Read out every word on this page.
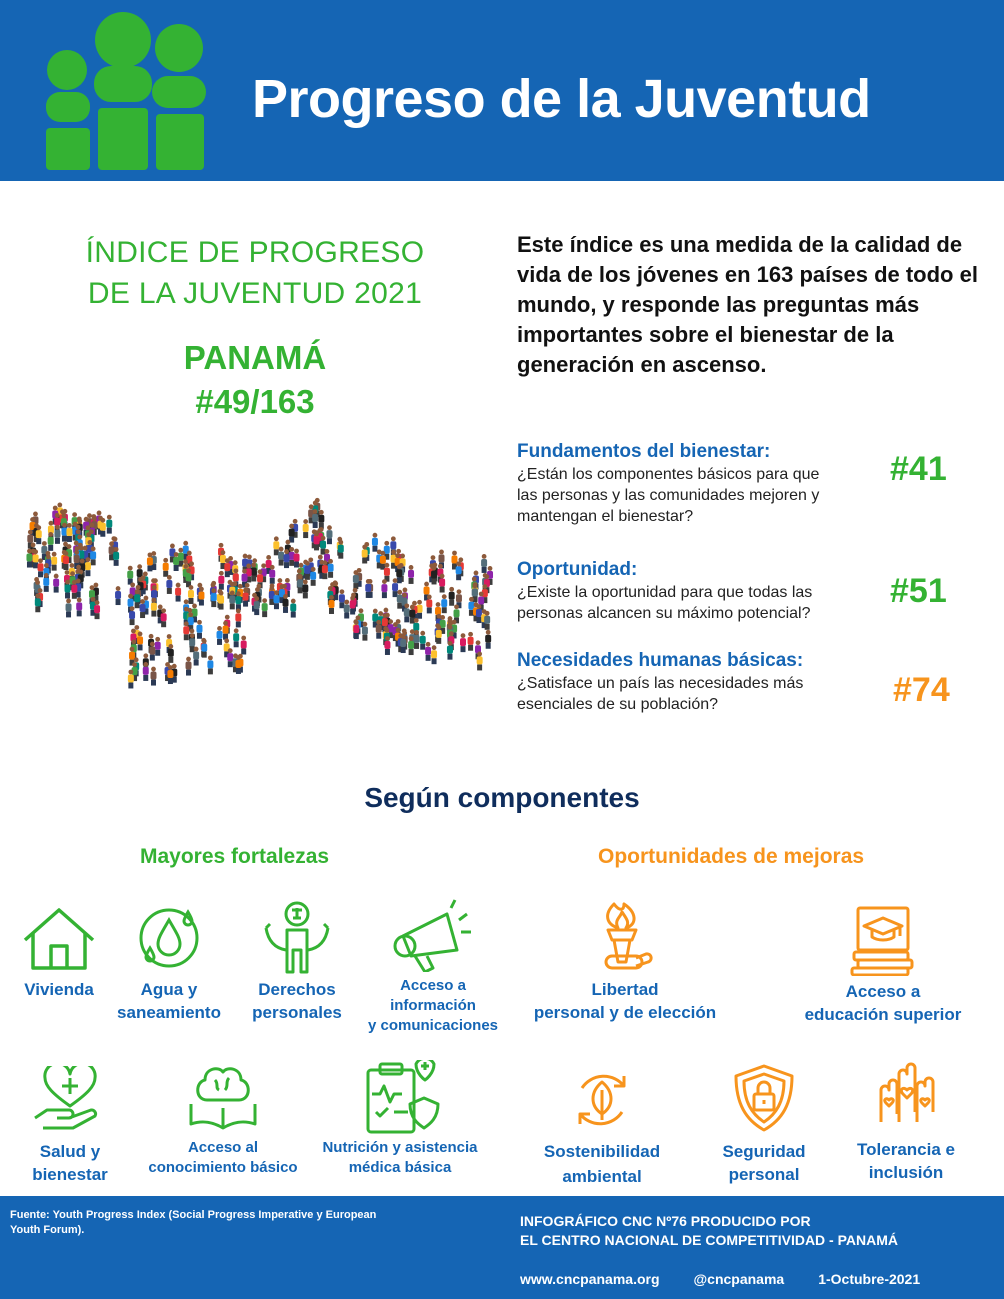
Progreso de la Juventud
ÍNDICE DE PROGRESO
DE LA JUVENTUD 2021
PANAMÁ
#49/163
Este índice es una medida de la calidad de vida de los jóvenes en 163 países de todo el mundo, y responde las preguntas más importantes sobre el bienestar de la generación en ascenso.
Fundamentos del bienestar:
¿Están los componentes básicos para que las personas y las comunidades mejoren y mantengan el bienestar?
#41
Oportunidad:
¿Existe la oportunidad para que todas las personas alcancen su máximo potencial?
#51
Necesidades humanas básicas:
¿Satisface un país las necesidades más esenciales de su población?	#74
Según componentes
Mayores fortalezas	Oportunidades de mejoras
Vivienda	Agua y
saneamiento
Derechos
personales
Acceso a
información
y comunicaciones
Salud y
bienestar
Acceso al
conocimiento básico
Nutrición y asistencia
médica básica
Libertad
personal y de elección
Acceso a
educación superior
Sostenibilidad
ambiental
Seguridad
personal
Tolerancia e
inclusión
Fuente: Youth Progress Index (Social Progress Imperative y European Youth Forum).
INFOGRÁFICO CNC Nº76 PRODUCIDO POR
EL CENTRO NACIONAL DE COMPETITIVIDAD - PANAMÁ
www.cncpanama.org @cncpanama 1-Octubre-2021
